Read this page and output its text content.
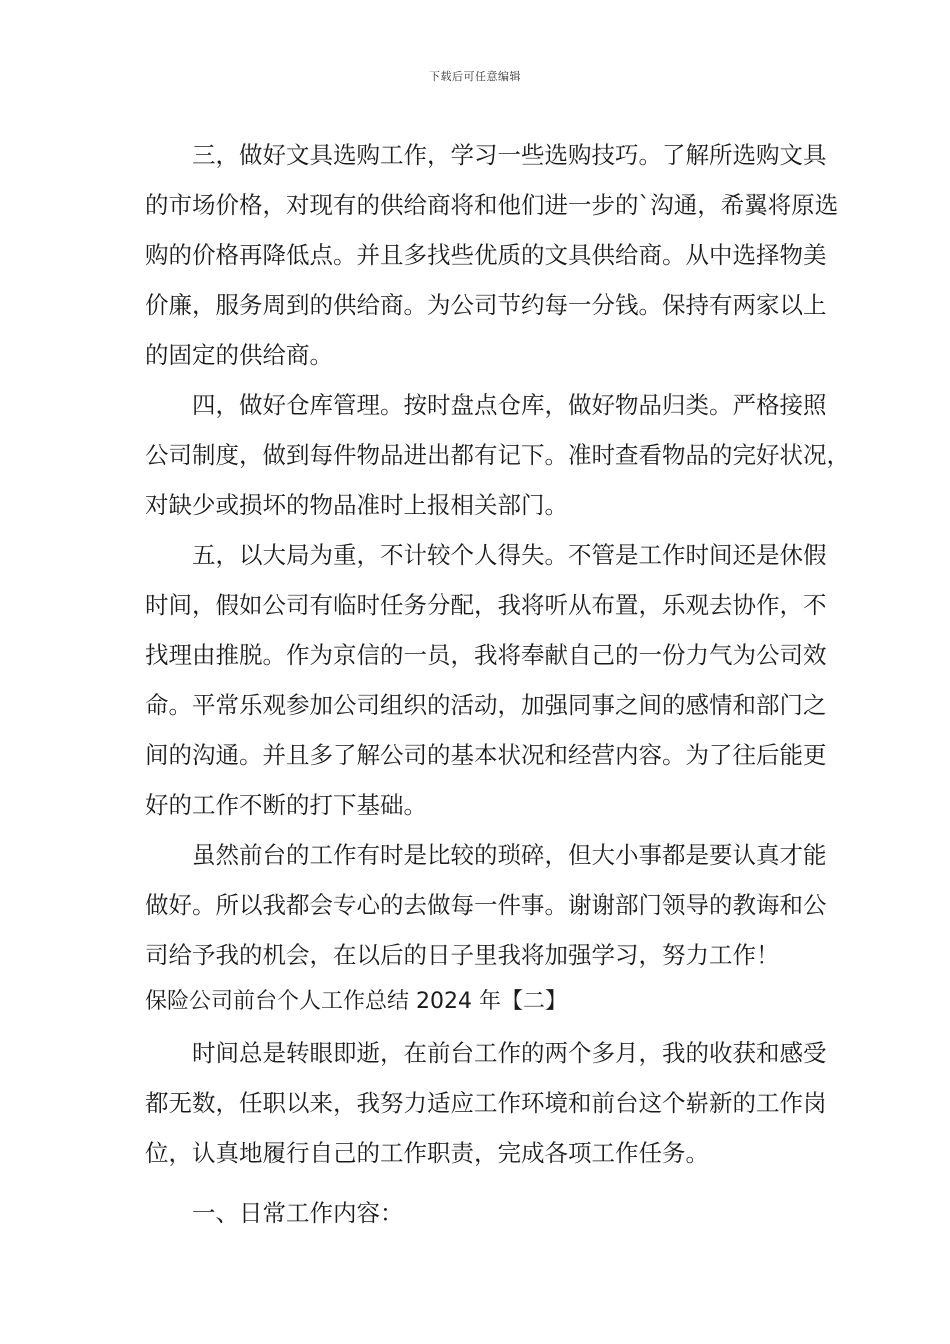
下载后可任意编辑
三，做好文具选购工作，学习一些选购技巧。了解所选购文具
的市场价格，对现有的供给商将和他们进一步的`沟通，希翼将原选
购的价格再降低点。并且多找些优质的文具供给商。从中选择物美
价廉，服务周到的供给商。为公司节约每一分钱。保持有两家以上
的固定的供给商。
四，做好仓库管理。按时盘点仓库，做好物品归类。严格接照
公司制度，做到每件物品进出都有记下。准时查看物品的完好状况，
对缺少或损坏的物品准时上报相关部门。
五，以大局为重，不计较个人得失。不管是工作时间还是休假
时间，假如公司有临时任务分配，我将听从布置，乐观去协作，不
找理由推脱。作为京信的一员，我将奉献自己的一份力气为公司效
命。平常乐观参加公司组织的活动，加强同事之间的感情和部门之
间的沟通。并且多了解公司的基本状况和经营内容。为了往后能更
好的工作不断的打下基础。
虽然前台的工作有时是比较的琐碎，但大小事都是要认真才能
做好。所以我都会专心的去做每一件事。谢谢部门领导的教诲和公
司给予我的机会，在以后的日子里我将加强学习，努力工作！
保险公司前台个人工作总结 2024 年【二】
时间总是转眼即逝，在前台工作的两个多月，我的收获和感受
都无数，任职以来，我努力适应工作环境和前台这个崭新的工作岗
位，认真地履行自己的工作职责，完成各项工作任务。
一、日常工作内容：
